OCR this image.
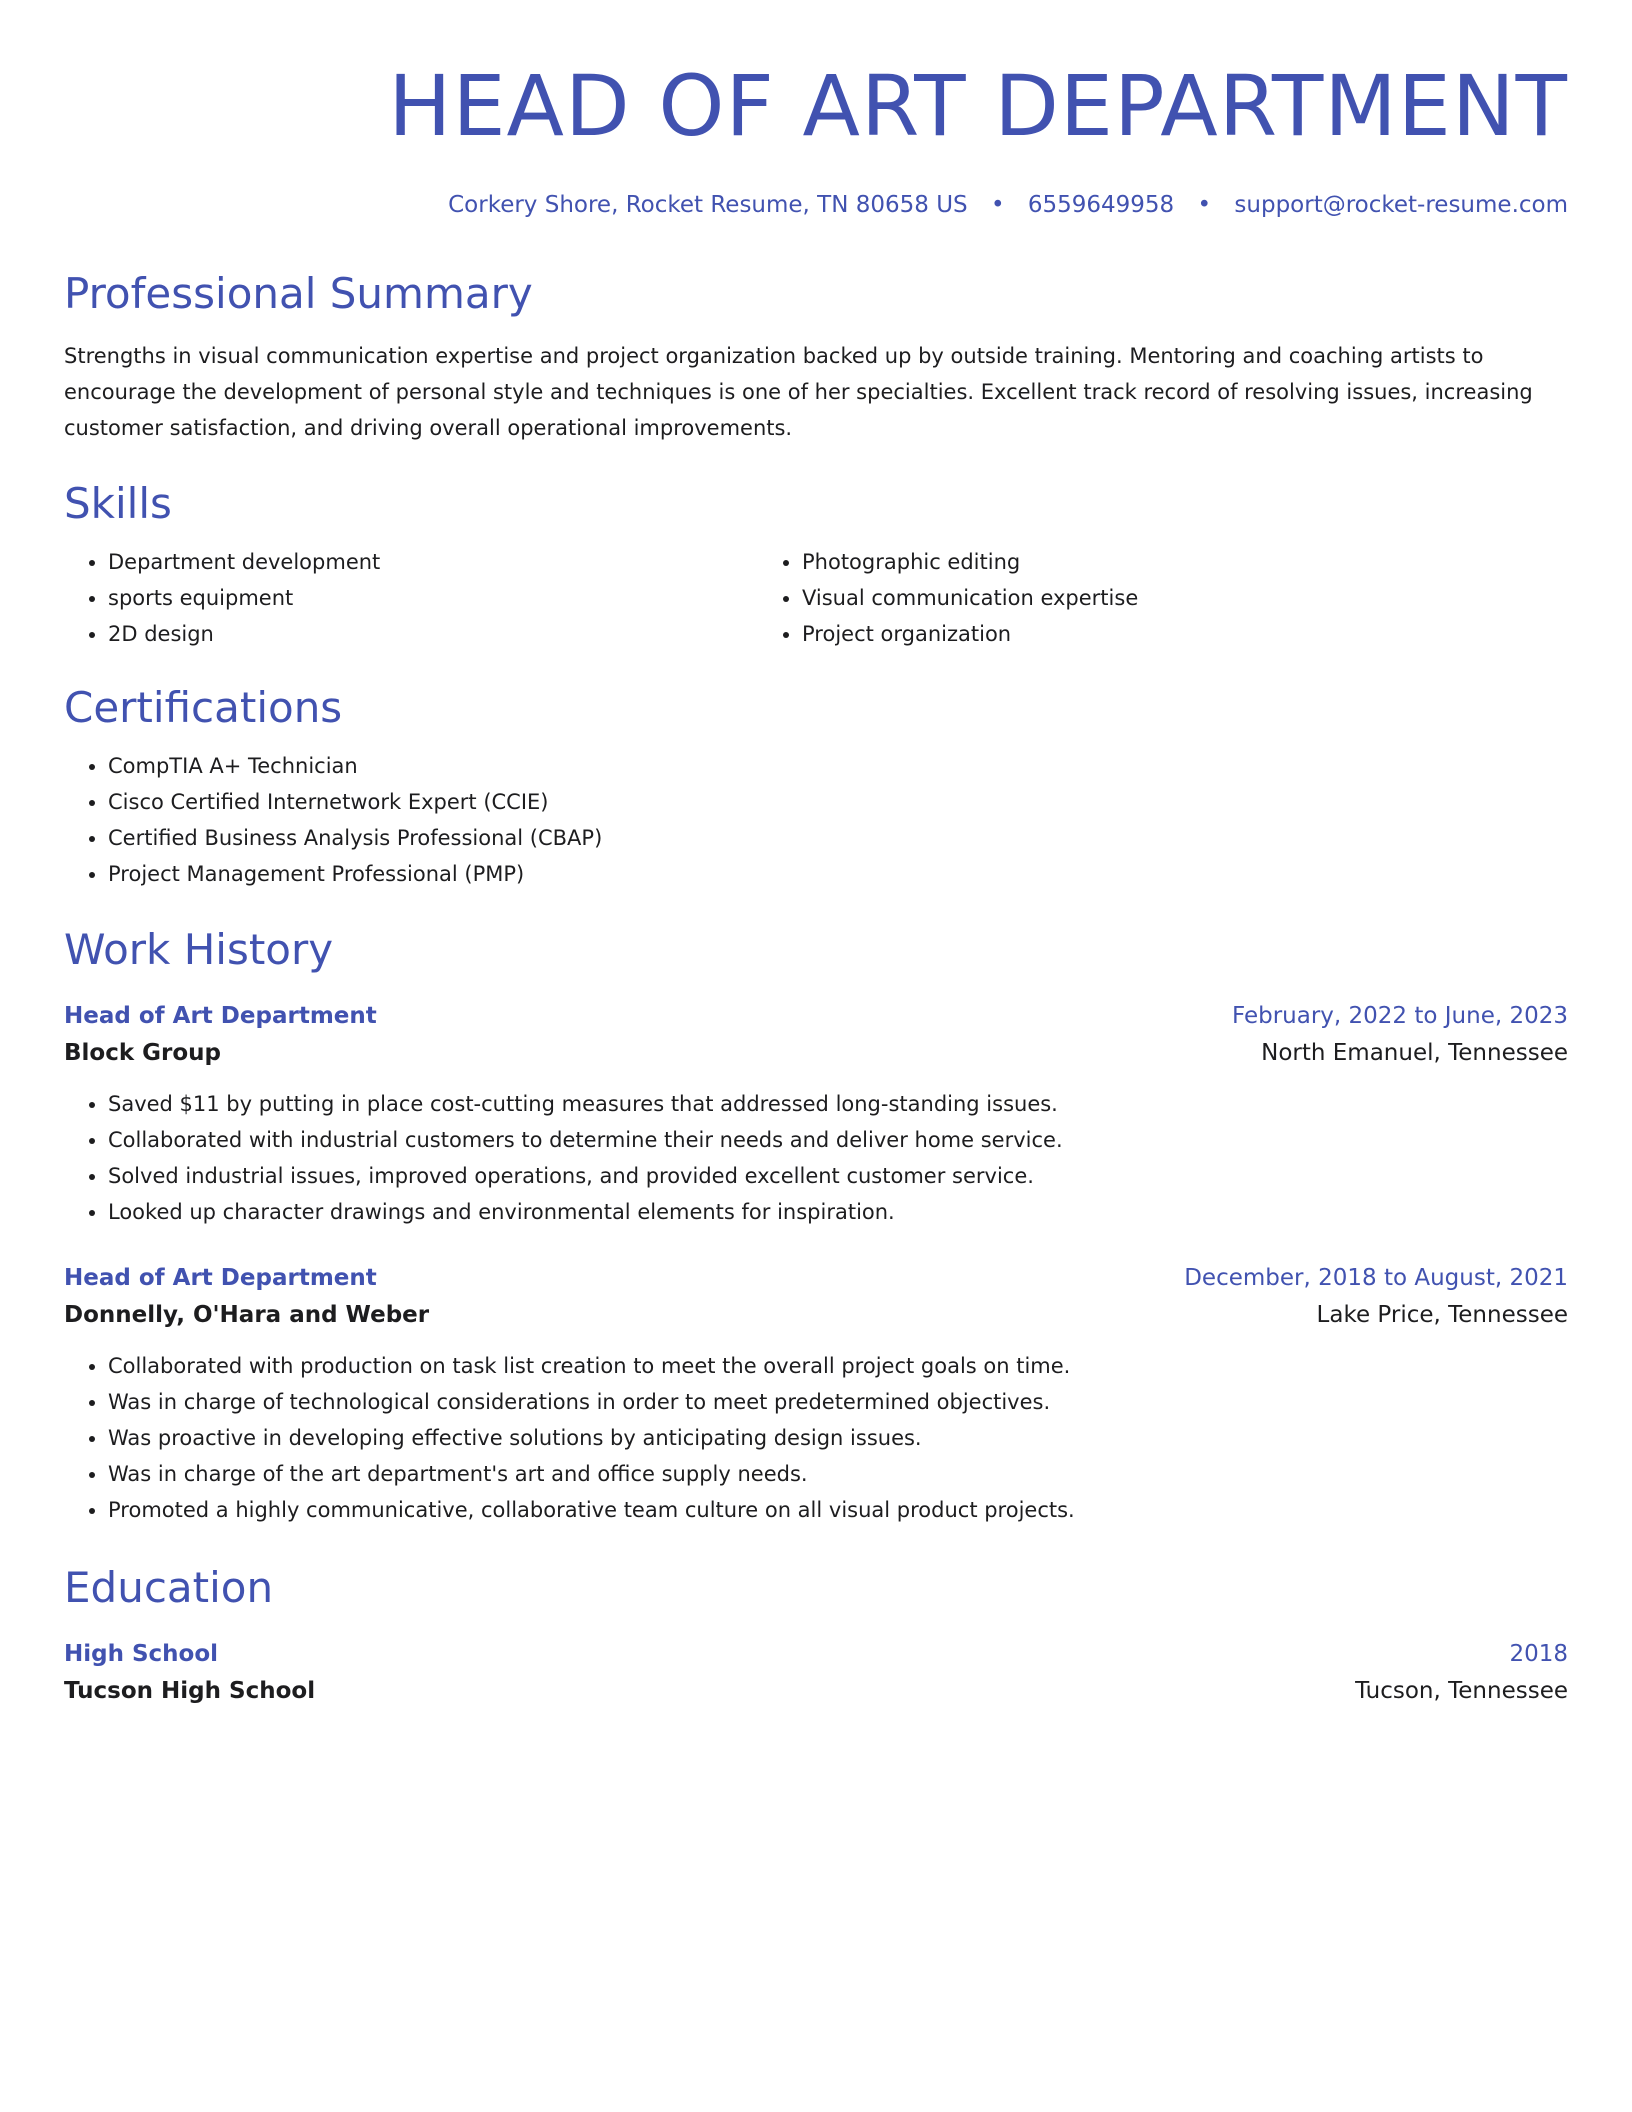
HEAD OF ART DEPARTMENT
Corkery Shore, Rocket Resume, TN 80658 US • 6559649958 • support@rocket-resume.com
Professional Summary
Strengths in visual communication expertise and project organization backed up by outside training. Mentoring and coaching artists to encourage the development of personal style and techniques is one of her specialties. Excellent track record of resolving issues, increasing customer satisfaction, and driving overall operational improvements.
Skills
• Department development
• sports equipment
• 2D design
• Photographic editing
• Visual communication expertise
• Project organization
Certifications
• CompTIA A+ Technician
• Cisco Certified Internetwork Expert (CCIE)
• Certified Business Analysis Professional (CBAP)
• Project Management Professional (PMP)
Work History
Head of Art Department	February, 2022 to June, 2023
Block Group	North Emanuel, Tennessee
• Saved $11 by putting in place cost-cutting measures that addressed long-standing issues.
• Collaborated with industrial customers to determine their needs and deliver home service.
• Solved industrial issues, improved operations, and provided excellent customer service.
• Looked up character drawings and environmental elements for inspiration.
Head of Art Department	December, 2018 to August, 2021
Donnelly, O'Hara and Weber	Lake Price, Tennessee
• Collaborated with production on task list creation to meet the overall project goals on time.
• Was in charge of technological considerations in order to meet predetermined objectives.
• Was proactive in developing effective solutions by anticipating design issues.
• Was in charge of the art department's art and office supply needs.
• Promoted a highly communicative, collaborative team culture on all visual product projects.
Education
High School	2018
Tucson High School	Tucson, Tennessee
